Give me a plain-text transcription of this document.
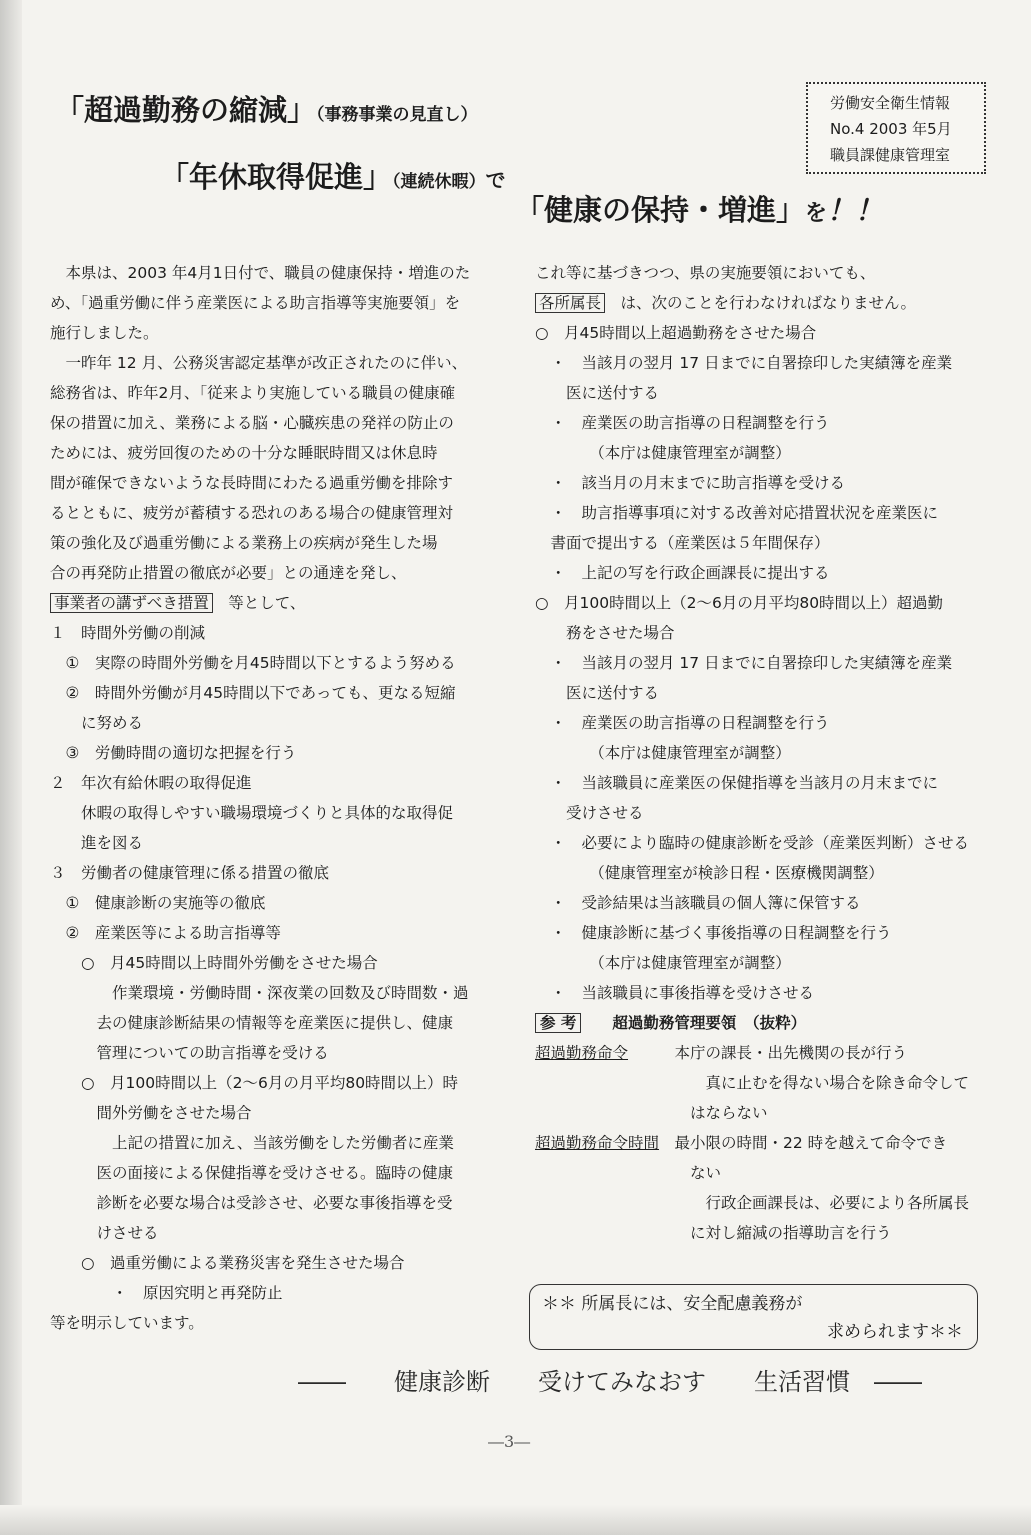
「超過勤務の縮減」（事務事業の見直し）
「年休取得促進」（連続休暇）で
「健康の保持・増進」を！！
労働安全衛生情報
No.4 2003 年5月
職員課健康管理室
　本県は、2003 年4月1日付で、職員の健康保持・増進のた
め、「過重労働に伴う産業医による助言指導等実施要領」を
施行しました。
　一昨年 12 月、公務災害認定基準が改正されたのに伴い、
総務省は、昨年2月、「従来より実施している職員の健康確
保の措置に加え、業務による脳・心臓疾患の発祥の防止の
ためには、疲労回復のための十分な睡眠時間又は休息時
間が確保できないような長時間にわたる過重労働を排除す
るとともに、疲労が蓄積する恐れのある場合の健康管理対
策の強化及び過重労働による業務上の疾病が発生した場
合の再発防止措置の徹底が必要」との通達を発し、
事業者の講ずべき措置　等として、
１　時間外労働の削減
　①　実際の時間外労働を月45時間以下とするよう努める
　②　時間外労働が月45時間以下であっても、更なる短縮
　　に努める
　③　労働時間の適切な把握を行う
２　年次有給休暇の取得促進
　　休暇の取得しやすい職場環境づくりと具体的な取得促
　　進を図る
３　労働者の健康管理に係る措置の徹底
　①　健康診断の実施等の徹底
　②　産業医等による助言指導等
　　○　月45時間以上時間外労働をさせた場合
　　　　作業環境・労働時間・深夜業の回数及び時間数・過
　　　去の健康診断結果の情報等を産業医に提供し、健康
　　　管理についての助言指導を受ける
　　○　月100時間以上（2～6月の月平均80時間以上）時
　　　間外労働をさせた場合
　　　　上記の措置に加え、当該労働をした労働者に産業
　　　医の面接による保健指導を受けさせる。臨時の健康
　　　診断を必要な場合は受診させ、必要な事後指導を受
　　　けさせる
　　○　過重労働による業務災害を発生させた場合
　　　　・　原因究明と再発防止
等を明示しています。
これ等に基づきつつ、県の実施要領においても、
各所属長　は、次のことを行わなければなりません。
○　月45時間以上超過勤務をさせた場合
　・　当該月の翌月 17 日までに自署捺印した実績簿を産業
　　医に送付する
　・　産業医の助言指導の日程調整を行う
　　　　（本庁は健康管理室が調整）
　・　該当月の月末までに助言指導を受ける
　・　助言指導事項に対する改善対応措置状況を産業医に
　書面で提出する（産業医は５年間保存）
　・　上記の写を行政企画課長に提出する
○　月100時間以上（2～6月の月平均80時間以上）超過勤
　　務をさせた場合
　・　当該月の翌月 17 日までに自署捺印した実績簿を産業
　　医に送付する
　・　産業医の助言指導の日程調整を行う
　　　　（本庁は健康管理室が調整）
　・　当該職員に産業医の保健指導を当該月の月末までに
　　受けさせる
　・　必要により臨時の健康診断を受診（産業医判断）させる
　　　　（健康管理室が検診日程・医療機関調整）
　・　受診結果は当該職員の個人簿に保管する
　・　健康診断に基づく事後指導の日程調整を行う
　　　　（本庁は健康管理室が調整）
　・　当該職員に事後指導を受けさせる
参 考　　超過勤務管理要領　（抜粋）
超過勤務命令　　　本庁の課長・出先機関の長が行う
　　　　　　　　　　　真に止むを得ない場合を除き命令して
　　　　　　　　　　はならない
超過勤務命令時間　最小限の時間・22 時を越えて命令でき
　　　　　　　　　　ない
　　　　　　　　　　　行政企画課長は、必要により各所属長
　　　　　　　　　　に対し縮減の指導助言を行う
＊＊ 所属長には、安全配慮義務が
求められます＊＊
――　　健康診断　　受けてみなおす　　生活習慣　――
―3―
